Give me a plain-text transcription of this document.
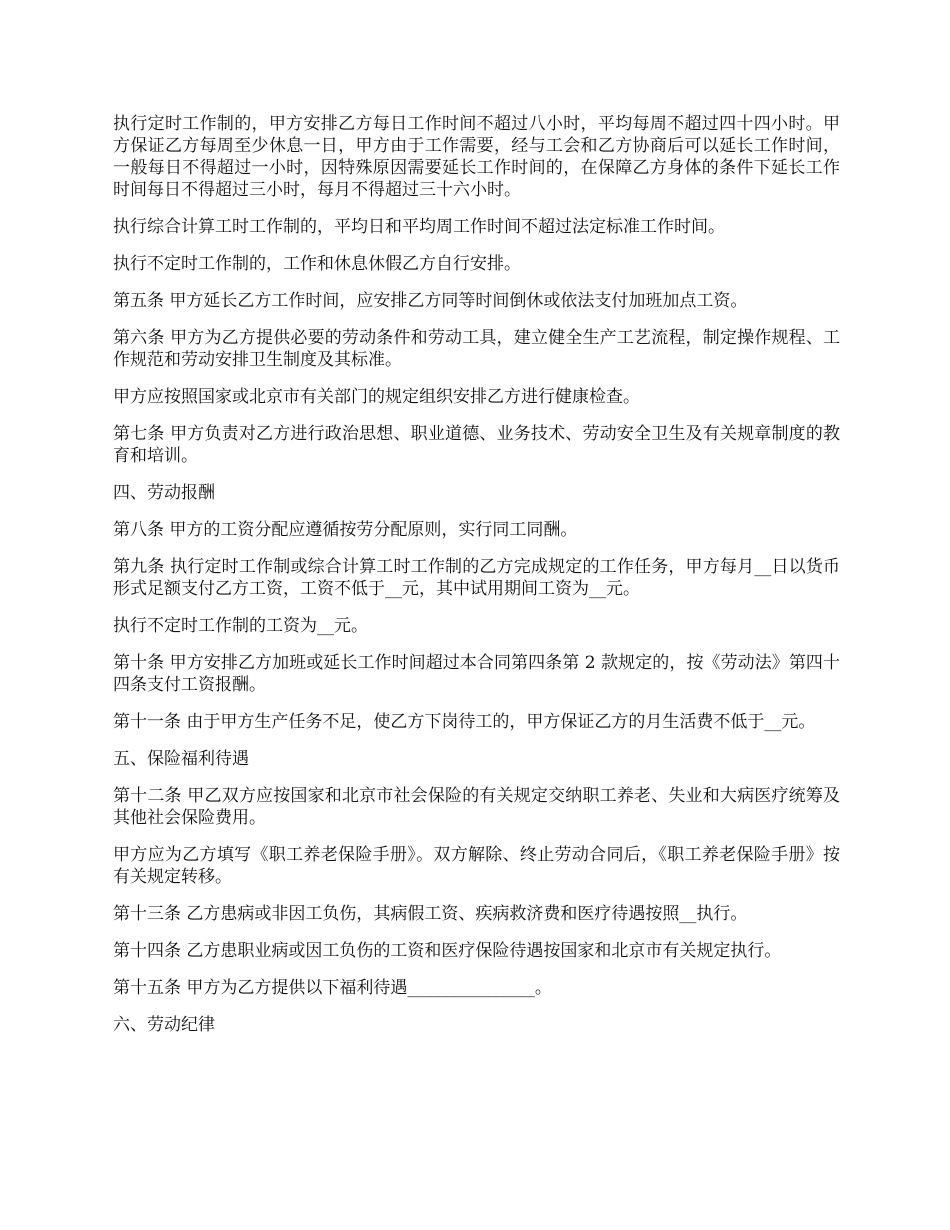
执行定时工作制的，甲方安排乙方每日工作时间不超过八小时，平均每周不超过四十四小时。甲方保证乙方每周至少休息一日，甲方由于工作需要，经与工会和乙方协商后可以延长工作时间，一般每日不得超过一小时，因特殊原因需要延长工作时间的，在保障乙方身体的条件下延长工作时间每日不得超过三小时，每月不得超过三十六小时。

执行综合计算工时工作制的，平均日和平均周工作时间不超过法定标准工作时间。

执行不定时工作制的，工作和休息休假乙方自行安排。

第五条 甲方延长乙方工作时间，应安排乙方同等时间倒休或依法支付加班加点工资。

第六条 甲方为乙方提供必要的劳动条件和劳动工具，建立健全生产工艺流程，制定操作规程、工作规范和劳动安排卫生制度及其标准。

甲方应按照国家或北京市有关部门的规定组织安排乙方进行健康检查。

第七条 甲方负责对乙方进行政治思想、职业道德、业务技术、劳动安全卫生及有关规章制度的教育和培训。

四、劳动报酬

第八条 甲方的工资分配应遵循按劳分配原则，实行同工同酬。

第九条 执行定时工作制或综合计算工时工作制的乙方完成规定的工作任务，甲方每月__日以货币形式足额支付乙方工资，工资不低于__元，其中试用期间工资为__元。

执行不定时工作制的工资为__元。

第十条 甲方安排乙方加班或延长工作时间超过本合同第四条第 2 款规定的，按《劳动法》第四十四条支付工资报酬。

第十一条 由于甲方生产任务不足，使乙方下岗待工的，甲方保证乙方的月生活费不低于__元。

五、保险福利待遇

第十二条 甲乙双方应按国家和北京市社会保险的有关规定交纳职工养老、失业和大病医疗统筹及其他社会保险费用。

甲方应为乙方填写《职工养老保险手册》。双方解除、终止劳动合同后，《职工养老保险手册》按有关规定转移。

第十三条 乙方患病或非因工负伤，其病假工资、疾病救济费和医疗待遇按照__执行。

第十四条 乙方患职业病或因工负伤的工资和医疗保险待遇按国家和北京市有关规定执行。

第十五条 甲方为乙方提供以下福利待遇_______________。

六、劳动纪律
